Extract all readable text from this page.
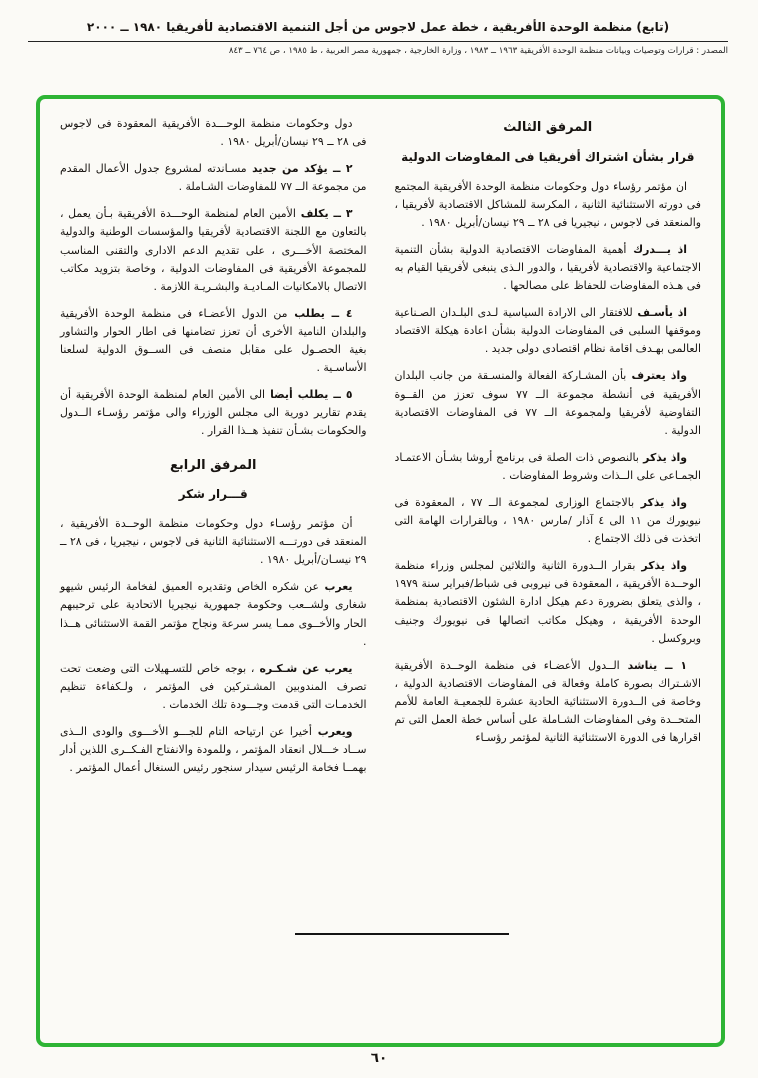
(تابع) منظمة الوحدة الأفريقية ، خطة عمل لاجوس من أجل التنمية الاقتصادية لأفريقيا ١٩٨٠ ــ ٢٠٠٠
المصدر : قرارات وتوصيات وبيانات منظمة الوحدة الأفريقية ١٩٦٣ ــ ١٩٨٣ ، وزارة الخارجية ، جمهورية مصر العربية ، ط ١٩٨٥ ، ص ٧٦٤ ــ ٨٤٣
المرفق الثالث
قرار بشأن اشتراك أفريقيا فى المفاوضات الدولية

ان مؤتمر رؤساء دول وحكومات منظمة الوحدة الأفريقية المجتمع فى دورته الاستثنائية الثانية ، المكرسة للمشاكل الاقتصادية لأفريقيا ، والمنعقد فى لاجوس ، نيجيريا فى ٢٨ ــ ٢٩ نيسان/أبريل ١٩٨٠ .

اذ يـــدركأهمية المفاوضات الاقتصادية الدولية بشأن التنمية الاجتماعية والاقتصادية لأفريقيا ، والدور الـذى ينبغى لأفريقيا القيام به فى هـذه المفاوضات للحفاظ على مصالحها .

اذ يأسـفللافتقار الى الارادة السياسية لـدى البلـدان الصـناعية وموقفها السلبى فى المفاوضات الدولية بشأن اعادة هيكلة الاقتصاد العالمى بهـدف اقامة نظام اقتصادى دولى جديد .

واذ يعترفبأن المشـاركة الفعالة والمنسـقة من جانب البلدان الأفريقية فى أنشطة مجموعة الــ ٧٧ سوف تعزز من القــوة التفاوضية لأفريقيا ولمجموعة الــ ٧٧ فى المفاوضات الاقتصادية الدولية .

واذ يذكربالنصوص ذات الصلة فى برنامج أروشا بشـأن الاعتمـاد الجمـاعى على الــذات وشروط المفاوضات .

واذ يذكربالاجتماع الوزارى لمجموعة الــ ٧٧ ، المعقودة فى نيويورك من ١١ الى ٤ آذار /مارس ١٩٨٠ ، وبالقرارات الهامة التى اتخذت فى ذلك الاجتماع .

واذ يذكربقرار الــدورة الثانية والثلاثين لمجلس وزراء منظمة الوحــدة الأفريقية ، المعقودة فى نيروبى فى شباط/فبراير سنة ١٩٧٩ ، والذى يتعلق بضرورة دعم هيكل ادارة الشئون الاقتصادية بمنظمة الوحدة الأفريقية ، وهيكل مكاتب اتصالها فى نيويورك وجنيف وبروكسل .

١ ــ يناشدالــدول الأعضـاء فى منظمة الوحــدة الأفريقية الاشـتراك بصورة كاملة وفعالة فى المفاوضات الاقتصادية الدولية ، وخاصة فى الــدورة الاستثنائية الحادية عشرة للجمعيـة العامة للأمم المتحــدة وفى المفاوضات الشـاملة على أساس خطة العمل التى تم اقرارها فى الدورة الاستثنائية الثانية لمؤتمر رؤسـاء

دول وحكومات منظمة الوحـــدة الأفريقية المعقودة فى لاجوس فى ٢٨ ــ ٢٩ نيسان/أبريل ١٩٨٠ .

٢ ــ يؤكد من جديدمسـاندته لمشروع جدول الأعمال المقدم من مجموعة الــ ٧٧ للمفاوضات الشـاملة .

٣ ــ يكلفالأمين العام لمنظمة الوحـــدة الأفريقية بـأن يعمل ، بالتعاون مع اللجنة الاقتصادية لأفريقيا والمؤسسات الوطنية والدولية المختصة الأخـــرى ، على تقديم الدعم الادارى والتقنى المناسب للمجموعة الأفريقية فى المفاوضات الدولية ، وخاصة بتزويد مكاتب الاتصال بالامكانيات المـاديـة والبشـريـة اللازمة .

٤ ــ يطلبمن الدول الأعضـاء فى منظمة الوحدة الأفريقية والبلدان النامية الأخرى أن تعزز تضامنها فى اطار الحوار والتشاور بغية الحصـول على مقابل منصف فى الســوق الدولية لسلعنا الأساسـية .

٥ ــ يطلب أيضاالى الأمين العام لمنظمة الوحدة الأفريقية أن يقدم تقارير دورية الى مجلس الوزراء والى مؤتمر رؤسـاء الــدول والحكومات بشـأن تنفيذ هــذا القرار .

المرفق الرابع
قـــرار شكر

أن مؤتمر رؤسـاء دول وحكومات منظمة الوحــدة الأفريقية ، المنعقد فى دورتـــه الاستثنائية الثانية فى لاجوس ، نيجيريا ، فى ٢٨ ــ ٢٩ نيسـان/أبريل ١٩٨٠ .

يعربعن شكره الخاص وتقديره العميق لفخامة الرئيس شيهو شغارى ولشــعب وحكومة جمهورية نيجيريا الاتحادية على ترحيبهم الحار والأخــوى ممـا يسر سرعة ونجاح مؤتمر القمة الاستثنائى هــذا .

يعرب عن شـكـره، بوجه خاص للتسـهيلات التى وضعت تحت تصرف المندوبين المشـتركين فى المؤتمر ، ولـكفاءة تنظيم الخدمـات التى قدمت وجـــودة تلك الخدمات .

ويعربأخيرا عن ارتياحه التام للجـــو الأخـــوى والودى الــذى ســاد خـــلال انعقاد المؤتمر ، وللمودة والانفتاح الفـكــرى اللذين أدار بهمــا فخامة الرئيس سيدار سنجور رئيس السنغال أعمال المؤتمر .

٦٠
